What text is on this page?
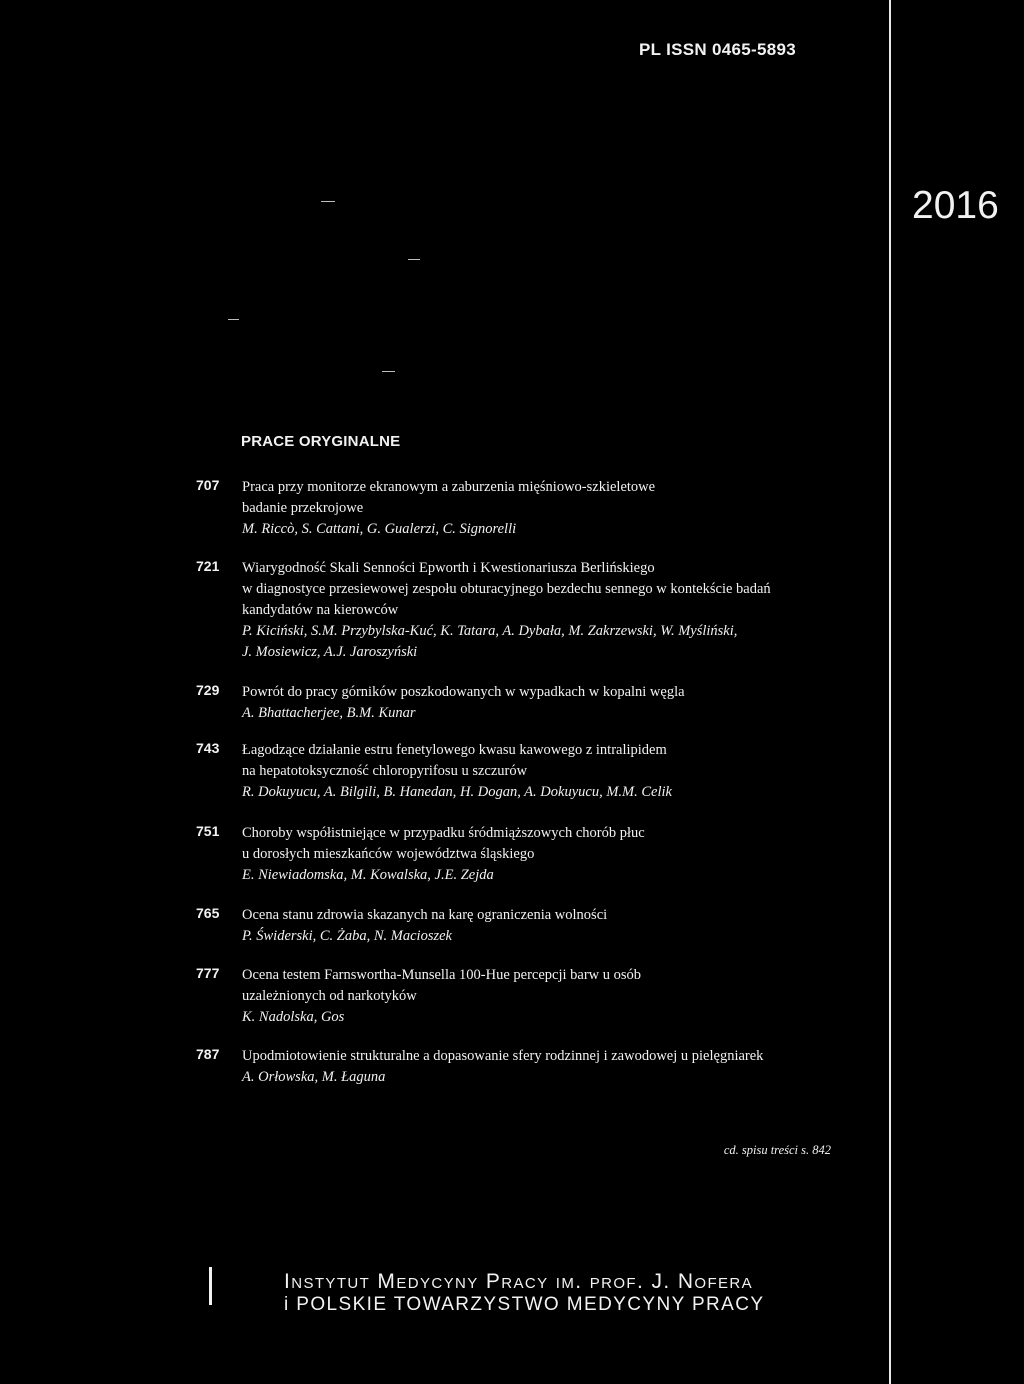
PL ISSN 0465-5893
2016
PRACE ORYGINALNE
707 Praca przy monitorze ekranowym a zaburzenia mięśniowo-szkieletowe
badanie przekrojowe
M. Riccò, S. Cattani, G. Gualerzi, C. Signorelli
721 Wiarygodność Skali Senności Epworth i Kwestionariusza Berlińskiego
w diagnostyce przesiewowej zespołu obturacyjnego bezdechu sennego w kontekście badań
kandydatów na kierowców
P. Kiciński, S.M. Przybylska-Kuć, K. Tatara, A. Dybała, M. Zakrzewski, W. Myśliński,
J. Mosiewicz, A.J. Jaroszyński
729 Powrót do pracy górników poszkodowanych w wypadkach w kopalni węgla
A. Bhattacherjee, B.M. Kunar
743 Łagodzące działanie estru fenetylowego kwasu kawowego z intralipidem
na hepatotoksyczność chloropyrifosu u szczurów
R. Dokuyucu, A. Bilgili, B. Hanedan, H. Dogan, A. Dokuyucu, M.M. Celik
751 Choroby współistniejące w przypadku śródmiąższowych chorób płuc
u dorosłych mieszkańców województwa śląskiego
E. Niewiadomska, M. Kowalska, J.E. Zejda
765 Ocena stanu zdrowia skazanych na karę ograniczenia wolności
P. Świderski, C. Żaba, N. Macioszek
777 Ocena testem Farnswortha-Munsella 100-Hue percepcji barw u osób
uzależnionych od narkotyków
K. Nadolska, Gos
787 Upodmiotowienie strukturalne a dopasowanie sfery rodzinnej i zawodowej u pielęgniarek
A. Orłowska, M. Łaguna
cd. spisu treści s. 842
Instytut Medycyny Pracy im. prof. J. Nofera
i POLSKIE TOWARZYSTWO MEDYCYNY PRACY
